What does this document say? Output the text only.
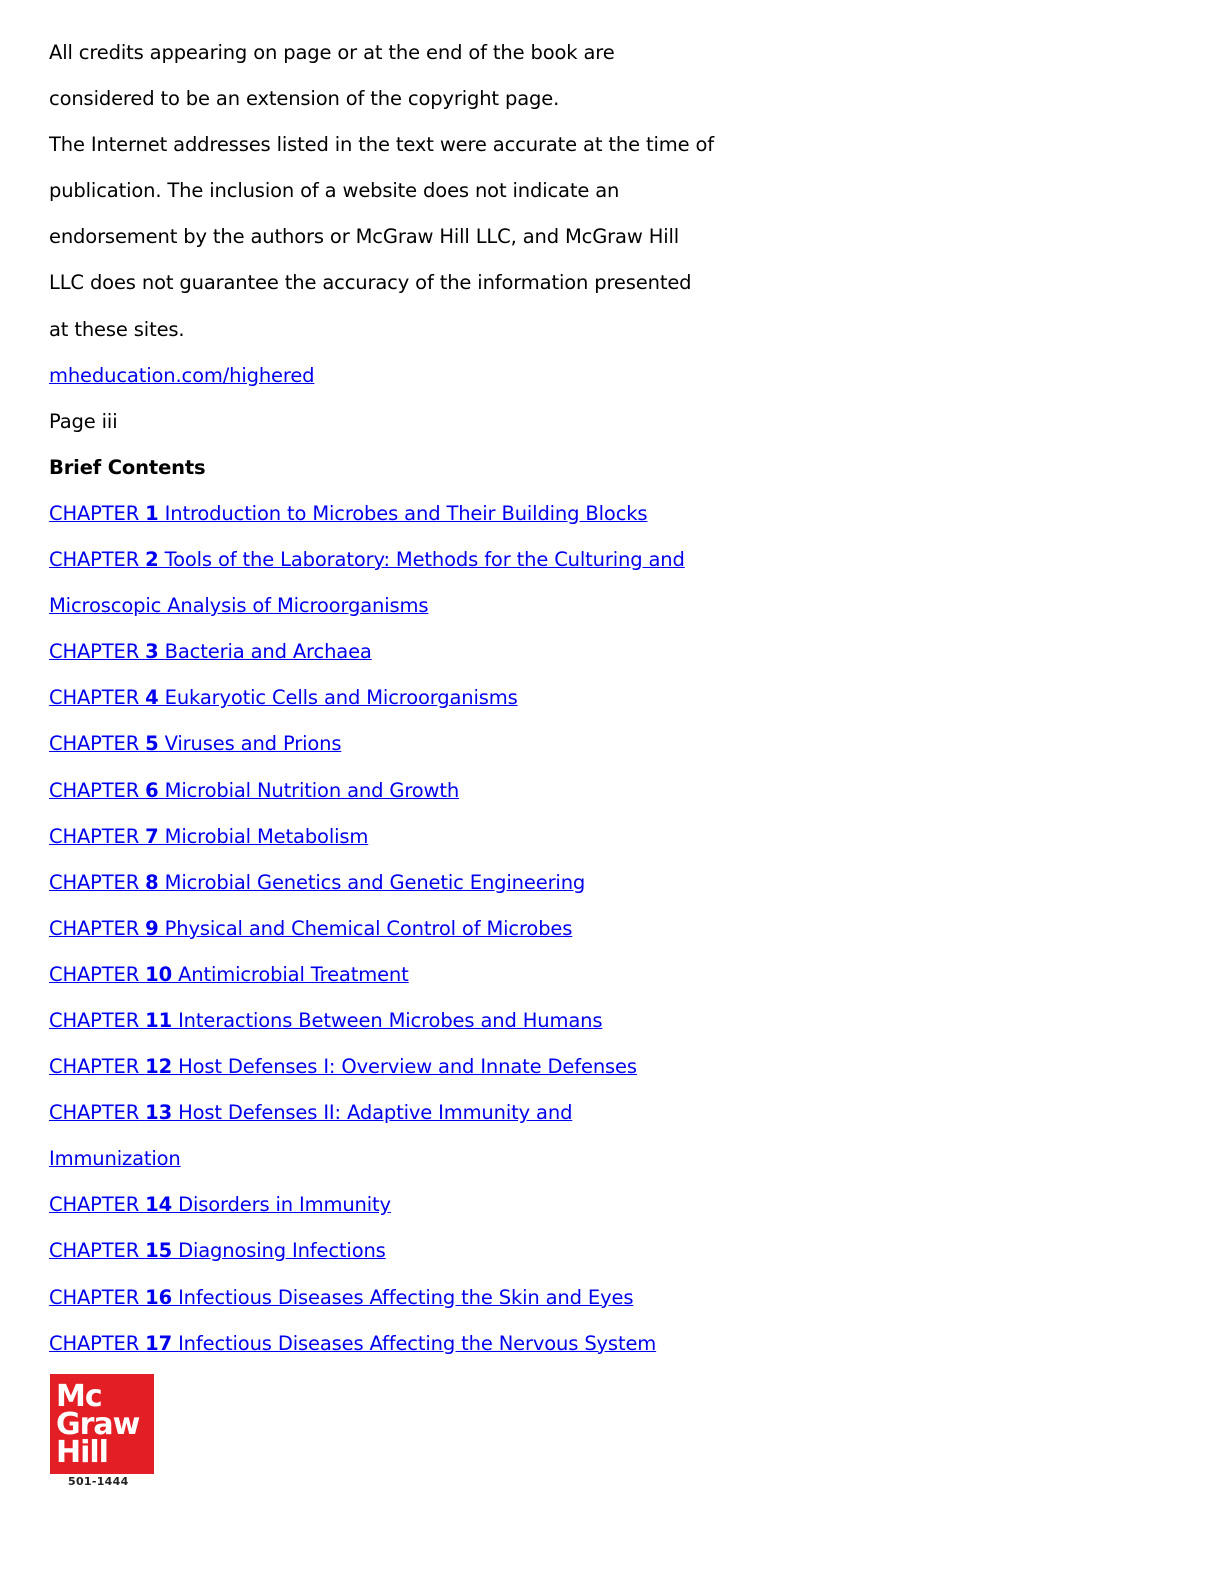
All credits appearing on page or at the end of the book are
considered to be an extension of the copyright page.
The Internet addresses listed in the text were accurate at the time of
publication. The inclusion of a website does not indicate an
endorsement by the authors or McGraw Hill LLC, and McGraw Hill
LLC does not guarantee the accuracy of the information presented
at these sites.
mheducation.com/highered
Page iii
Brief Contents
CHAPTER 1 Introduction to Microbes and Their Building Blocks
CHAPTER 2 Tools of the Laboratory: Methods for the Culturing and
Microscopic Analysis of Microorganisms
CHAPTER 3 Bacteria and Archaea
CHAPTER 4 Eukaryotic Cells and Microorganisms
CHAPTER 5 Viruses and Prions
CHAPTER 6 Microbial Nutrition and Growth
CHAPTER 7 Microbial Metabolism
CHAPTER 8 Microbial Genetics and Genetic Engineering
CHAPTER 9 Physical and Chemical Control of Microbes
CHAPTER 10 Antimicrobial Treatment
CHAPTER 11 Interactions Between Microbes and Humans
CHAPTER 12 Host Defenses I: Overview and Innate Defenses
CHAPTER 13 Host Defenses II: Adaptive Immunity and
Immunization
CHAPTER 14 Disorders in Immunity
CHAPTER 15 Diagnosing Infections
CHAPTER 16 Infectious Diseases Affecting the Skin and Eyes
CHAPTER 17 Infectious Diseases Affecting the Nervous System
Mc
Graw
Hill
501-1444
